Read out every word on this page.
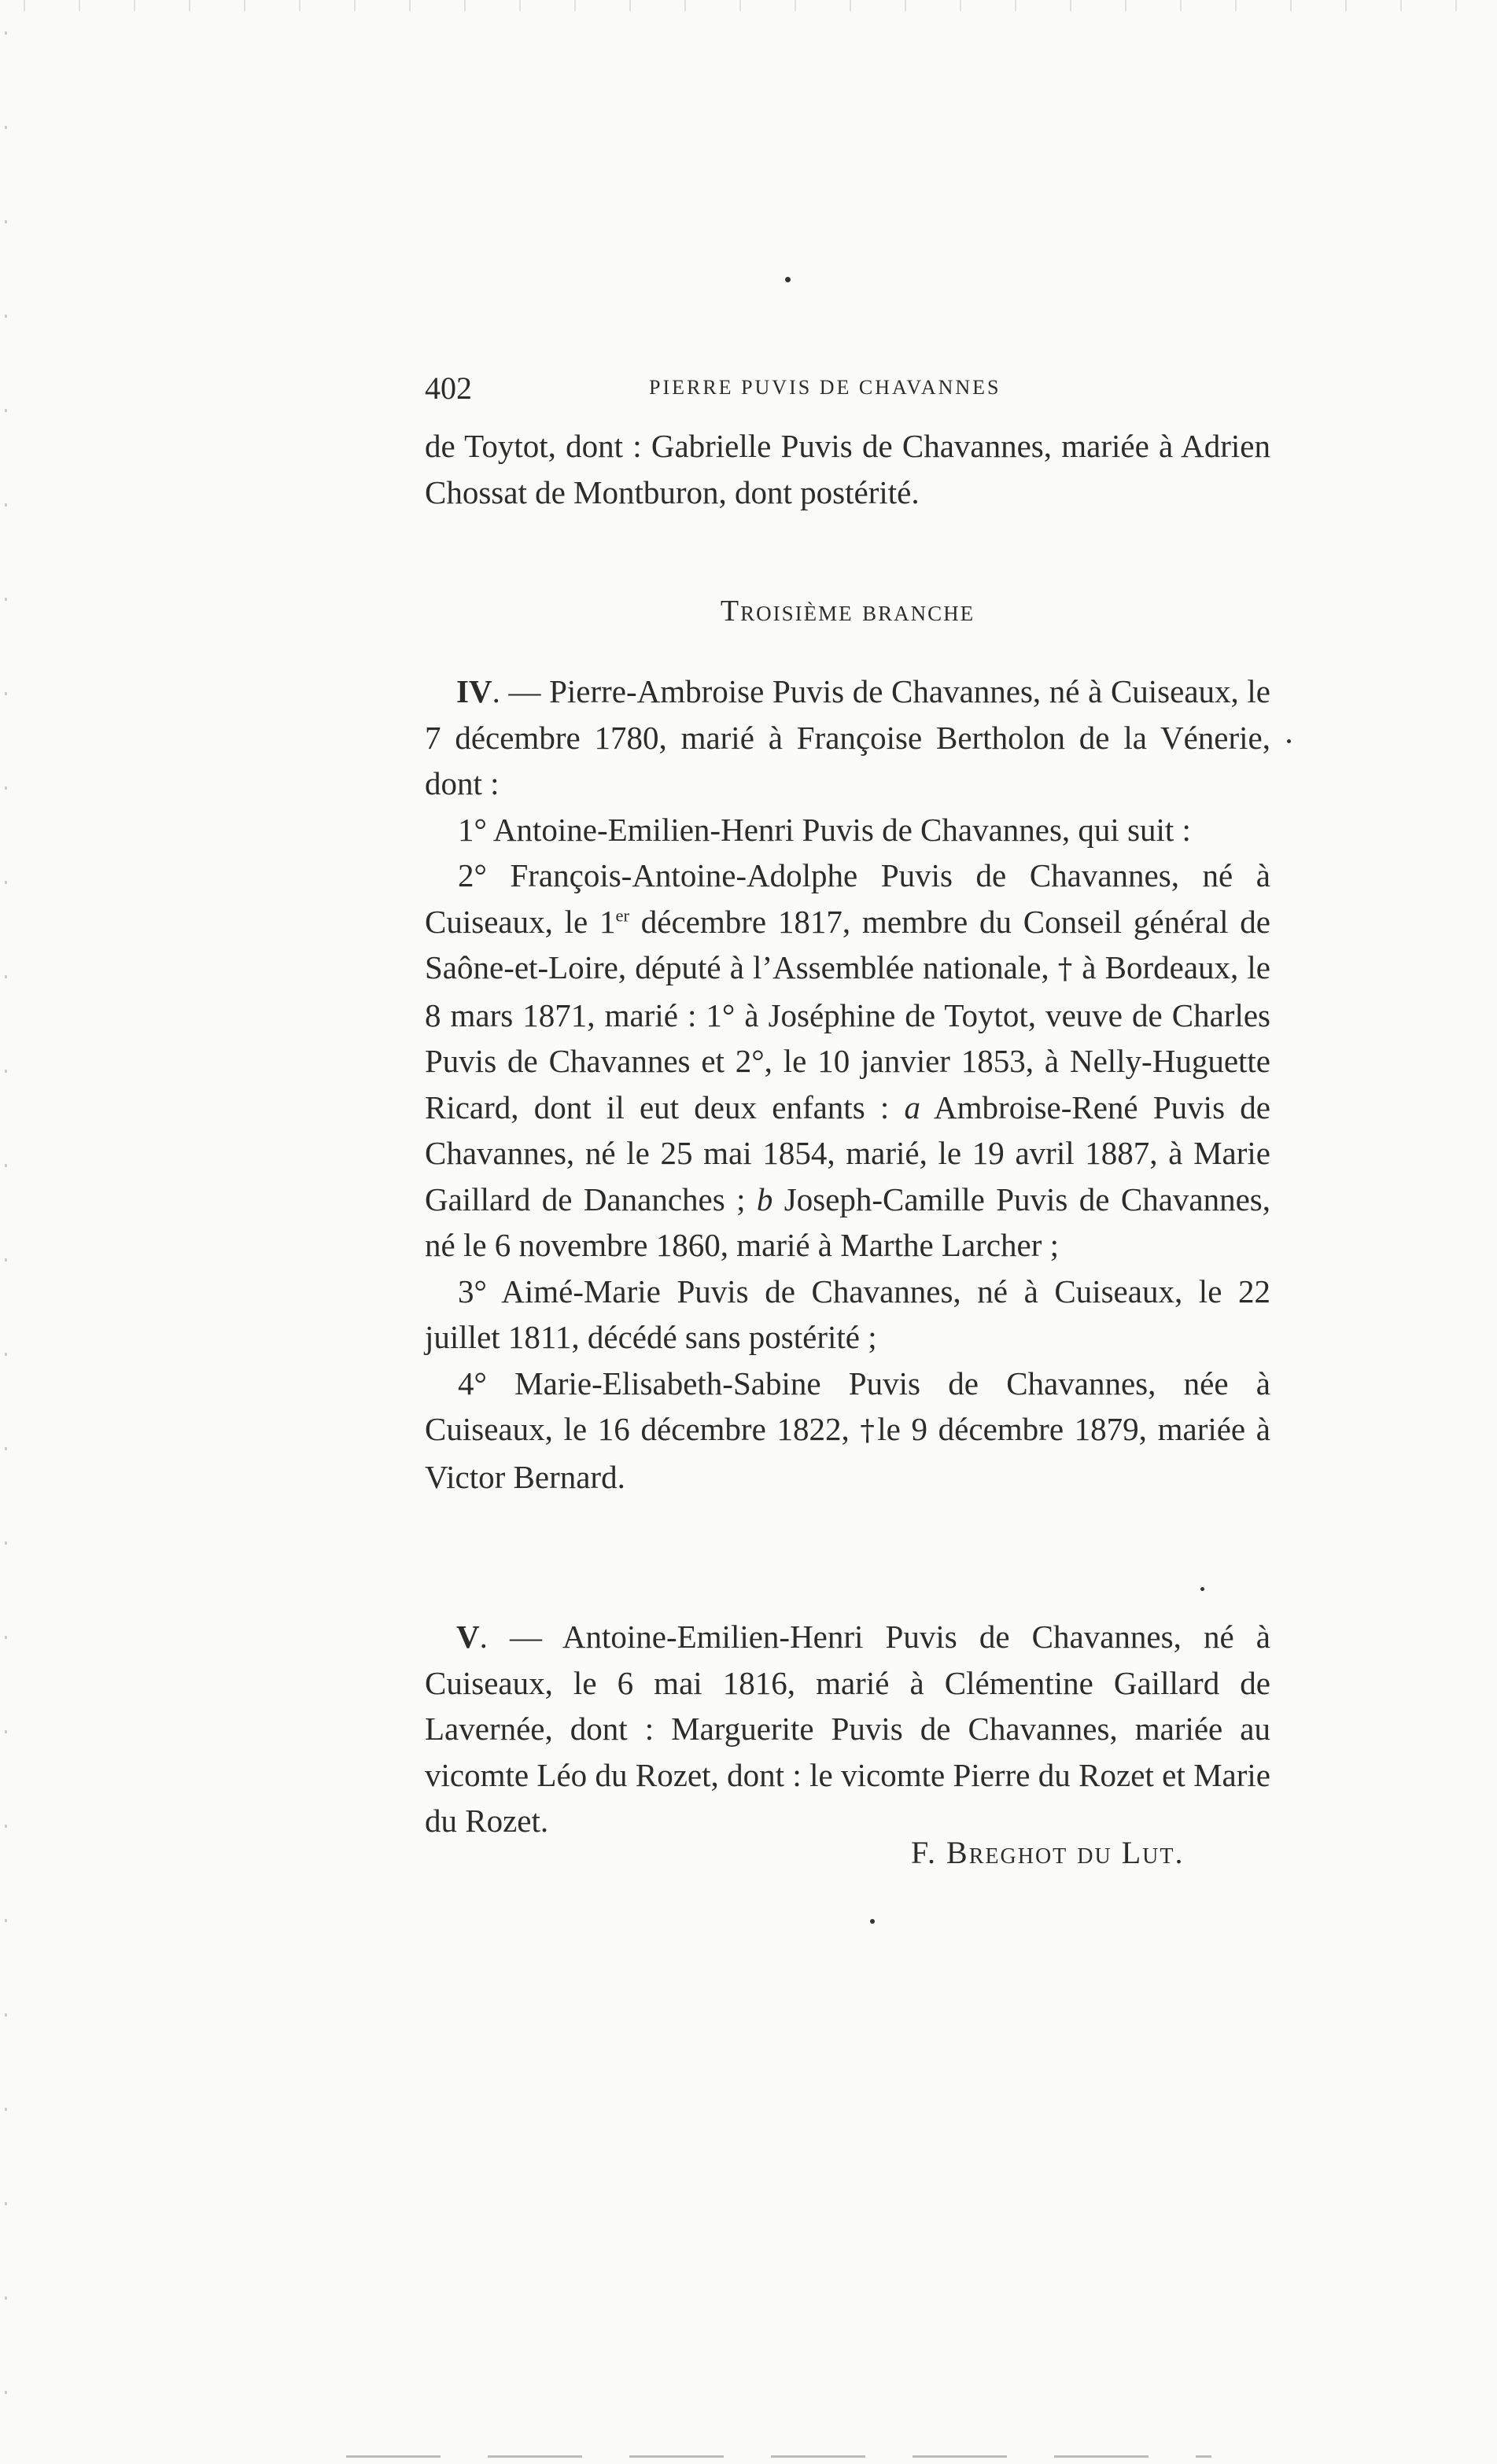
402	PIERRE PUVIS DE CHAVANNES

de Toytot, dont : Gabrielle Puvis de Chavannes, mariée à Adrien Chossat de Montburon, dont postérité.

Troisième branche

IV. — Pierre-Ambroise Puvis de Chavannes, né à Cuiseaux, le 7 décembre 1780, marié à Françoise Bertholon de la Vénerie, dont :

1° Antoine-Emilien-Henri Puvis de Chavannes, qui suit :

2° François-Antoine-Adolphe Puvis de Chavannes, né à Cuiseaux, le 1er décembre 1817, membre du Conseil général de Saône-et-Loire, député à l’Assemblée nationale, † à Bordeaux, le 8 mars 1871, marié : 1° à Joséphine de Toytot, veuve de Charles Puvis de Chavannes et 2°, le 10 janvier 1853, à Nelly-Huguette Ricard, dont il eut deux enfants : a Ambroise-René Puvis de Chavannes, né le 25 mai 1854, marié, le 19 avril 1887, à Marie Gaillard de Dananches ; b Joseph-Camille Puvis de Chavannes, né le 6 novembre 1860, marié à Marthe Larcher ;

3° Aimé-Marie Puvis de Chavannes, né à Cuiseaux, le 22 juillet 1811, décédé sans postérité ;

4° Marie-Elisabeth-Sabine Puvis de Chavannes, née à Cuiseaux, le 16 décembre 1822, †le 9 décembre 1879, mariée à Victor Bernard.

V. — Antoine-Emilien-Henri Puvis de Chavannes, né à Cuiseaux, le 6 mai 1816, marié à Clémentine Gaillard de Lavernée, dont : Marguerite Puvis de Chavannes, mariée au vicomte Léo du Rozet, dont : le vicomte Pierre du Rozet et Marie du Rozet.

F. Breghot du Lut.
